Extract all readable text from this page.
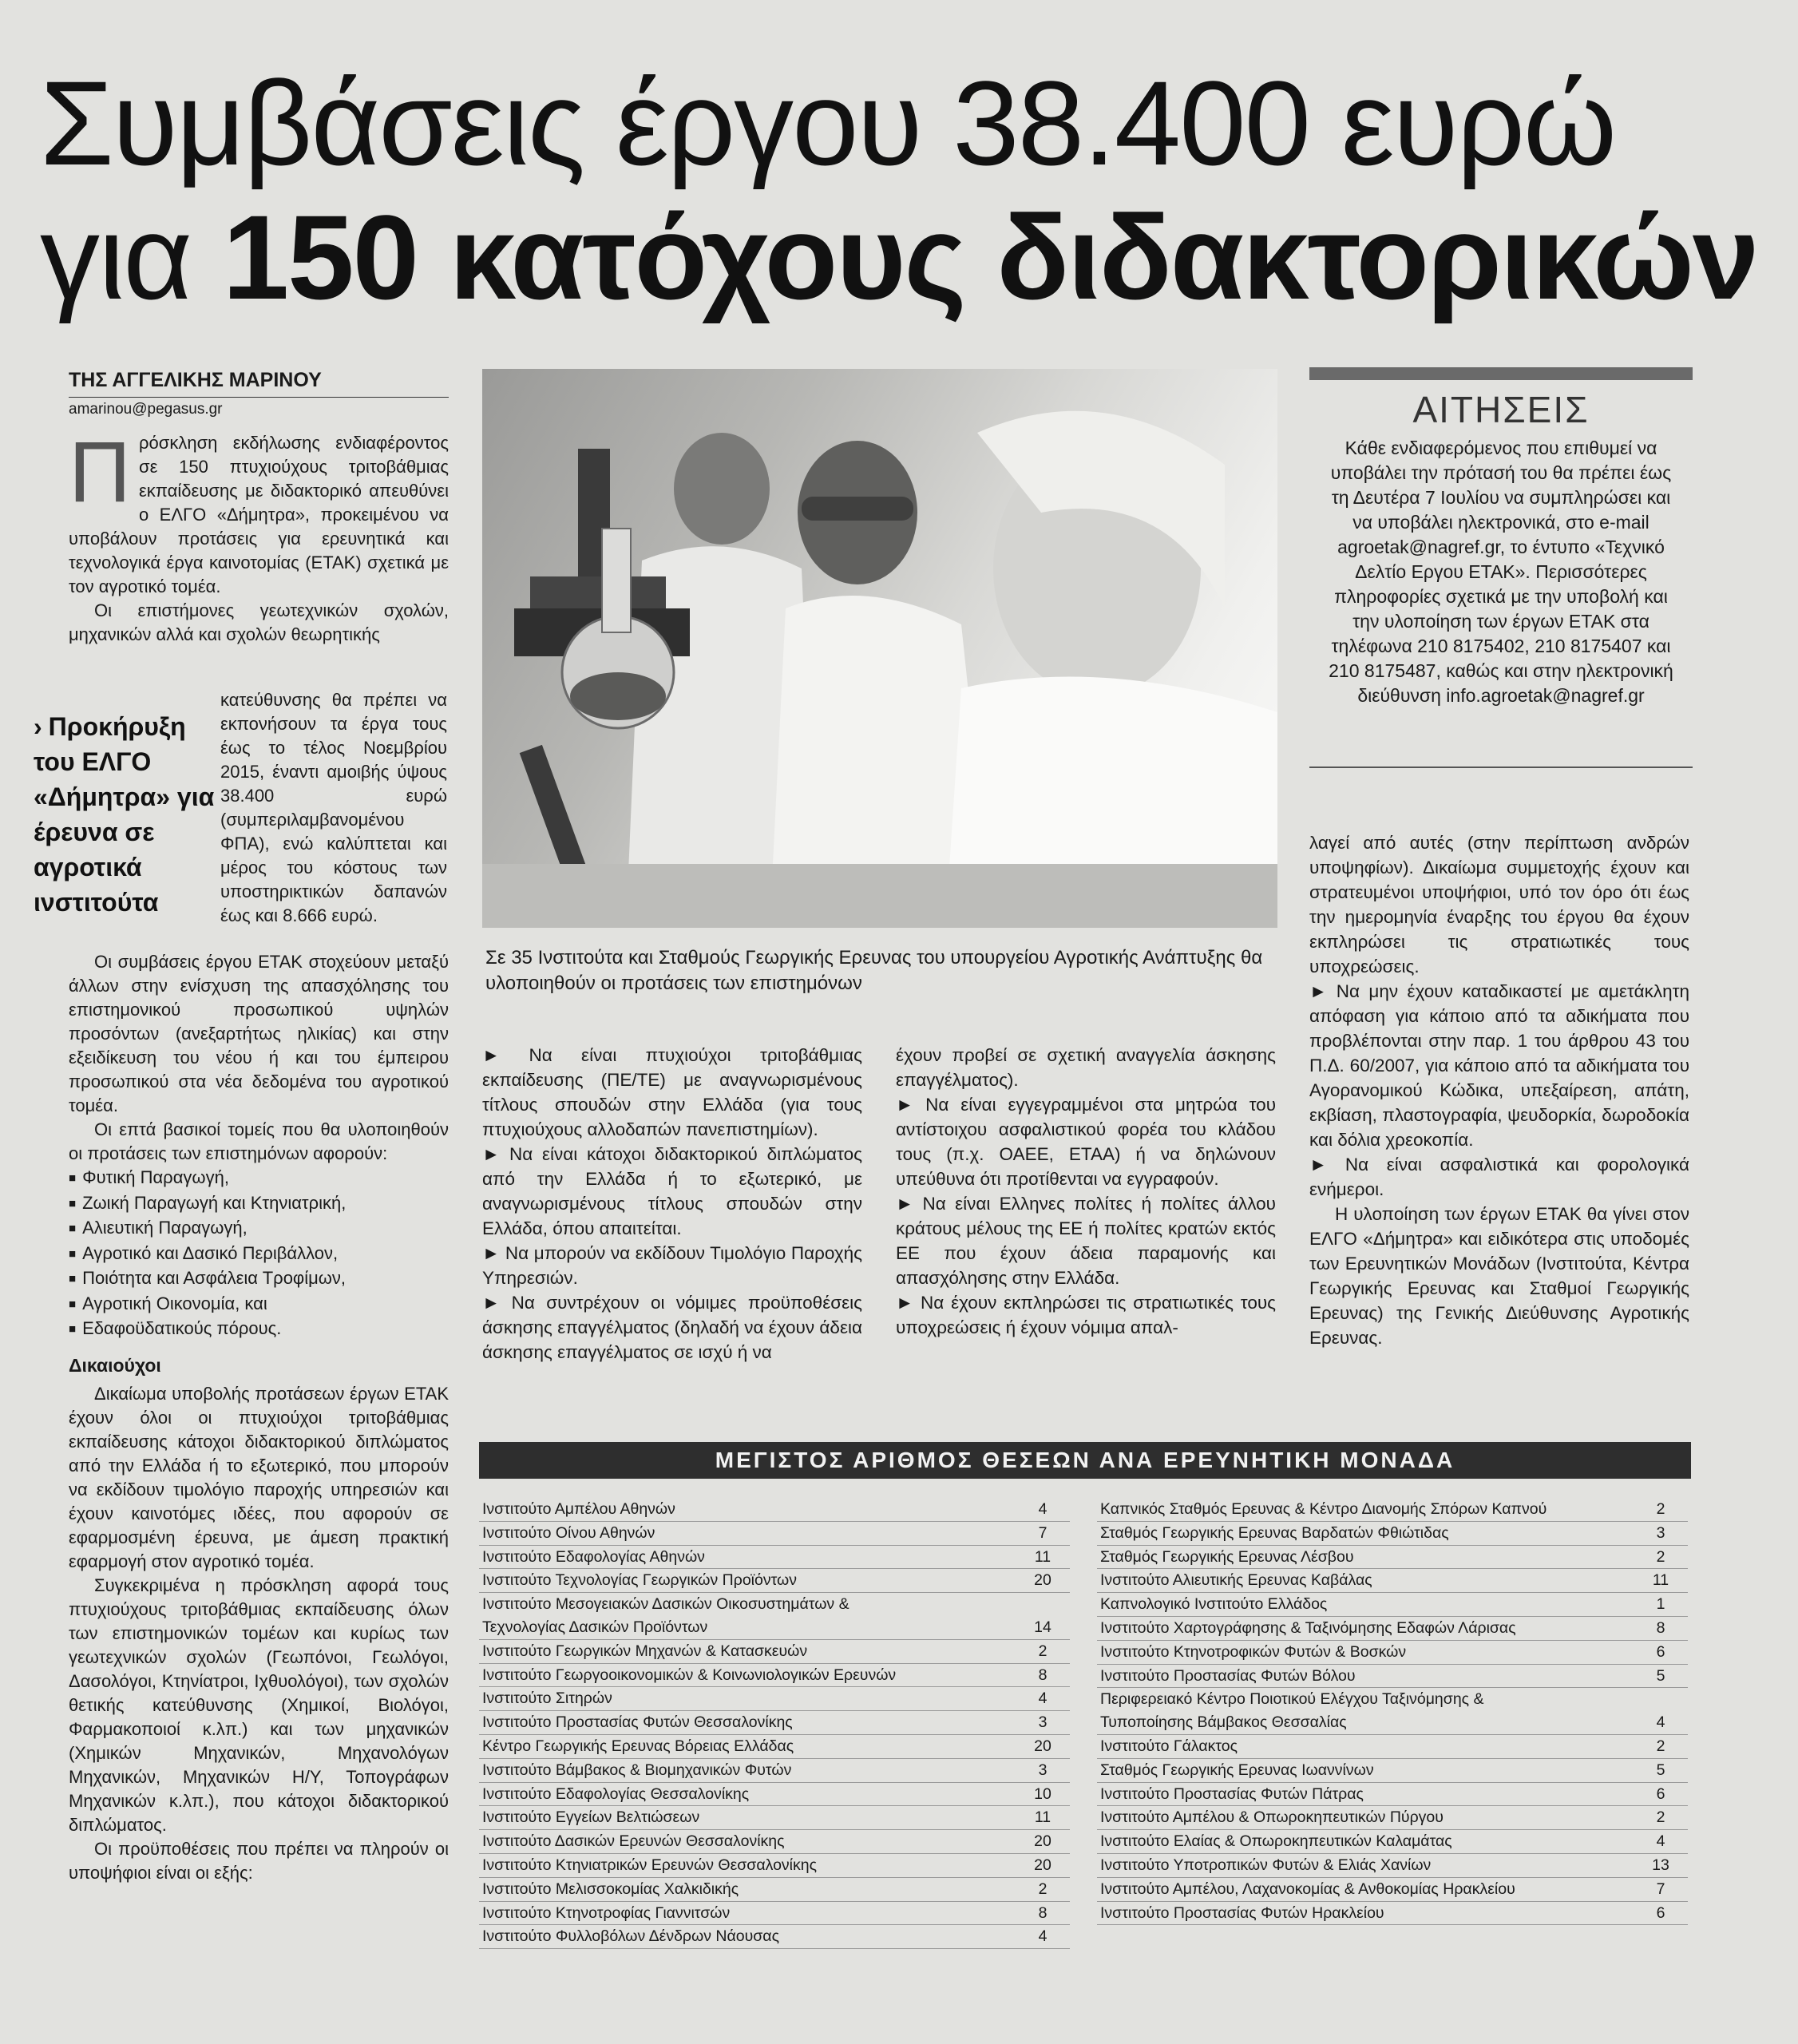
Συμβάσεις έργου 38.400 ευρώ
για 150 κατόχους διδακτορικών
ΤΗΣ ΑΓΓΕΛΙΚΗΣ ΜΑΡΙΝΟΥ
amarinou@pegasus.gr

Πρόσκληση εκδήλωσης ενδιαφέροντος σε 150 πτυχιούχους τριτοβάθμιας εκπαίδευσης με διδακτορικό απευθύνει ο ΕΛΓΟ «Δήμητρα», προκειμένου να υποβάλουν προτάσεις για ερευνητικά και τεχνολογικά έργα καινοτομίας (ΕΤΑΚ) σχετικά με τον αγροτικό τομέα.

Οι επιστήμονες γεωτεχνικών σχολών, μηχανικών αλλά και σχολών θεωρητικής

› Προκήρυξη του ΕΛΓΟ «Δήμητρα» για έρευνα σε αγροτικά ινστιτούτα
κατεύθυνσης θα πρέπει να εκπονήσουν τα έργα τους έως το τέλος Νοεμβρίου 2015, έναντι αμοιβής ύψους 38.400 ευρώ (συμπεριλαμβανομένου ΦΠΑ), ενώ καλύπτεται και μέρος του κόστους των υποστηρικτικών δαπανών έως και 8.666 ευρώ.

Οι συμβάσεις έργου ΕΤΑΚ στοχεύουν μεταξύ άλλων στην ενίσχυση της απασχόλησης του επιστημονικού προσωπικού υψηλών προσόντων (ανεξαρτήτως ηλικίας) και στην εξειδίκευση του νέου ή και του έμπειρου προσωπικού στα νέα δεδομένα του αγροτικού τομέα.

Οι επτά βασικοί τομείς που θα υλοποιηθούν οι προτάσεις των επιστημόνων αφορούν:

■ Φυτική Παραγωγή,
■ Ζωική Παραγωγή και Κτηνιατρική,
■ Αλιευτική Παραγωγή,
■ Αγροτικό και Δασικό Περιβάλλον,
■ Ποιότητα και Ασφάλεια Τροφίμων,
■ Αγροτική Οικονομία, και
■ Εδαφοϋδατικούς πόρους.
Δικαιούχοι

Δικαίωμα υποβολής προτάσεων έργων ΕΤΑΚ έχουν όλοι οι πτυχιούχοι τριτοβάθμιας εκπαίδευσης κάτοχοι διδακτορικού διπλώματος από την Ελλάδα ή το εξωτερικό, που μπορούν να εκδίδουν τιμολόγιο παροχής υπηρεσιών και έχουν καινοτόμες ιδέες, που αφορούν σε εφαρμοσμένη έρευνα, με άμεση πρακτική εφαρμογή στον αγροτικό τομέα.

Συγκεκριμένα η πρόσκληση αφορά τους πτυχιούχους τριτοβάθμιας εκπαίδευσης όλων των επιστημονικών τομέων και κυρίως των γεωτεχνικών σχολών (Γεωπόνοι, Γεωλόγοι, Δασολόγοι, Κτηνίατροι, Ιχθυολόγοι), των σχολών θετικής κατεύθυνσης (Χημικοί, Βιολόγοι, Φαρμακοποιοί κ.λπ.) και των μηχανικών (Χημικών Μηχανικών, Μηχανολόγων Μηχανικών, Μηχανικών Η/Υ, Τοπογράφων Μηχανικών κ.λπ.), που κάτοχοι διδακτορικού διπλώματος.

Οι προϋποθέσεις που πρέπει να πληρούν οι υποψήφιοι είναι οι εξής:

Σε 35 Ινστιτούτα και Σταθμούς Γεωργικής Ερευνας του υπουργείου Αγροτικής Ανάπτυξης θα υλοποιηθούν οι προτάσεις των επιστημόνων
ΑΙΤΗΣΕΙΣ
Κάθε ενδιαφερόμενος που επιθυμεί να υποβάλει την πρότασή του θα πρέπει έως τη Δευτέρα 7 Ιουλίου να συμπληρώσει και να υποβάλει ηλεκτρονικά, στο e-mail agroetak@nagref.gr, το έντυπο «Τεχνικό Δελτίο Εργου ΕΤΑΚ». Περισσότερες πληροφορίες σχετικά με την υποβολή και την υλοποίηση των έργων ΕΤΑΚ στα τηλέφωνα 210 8175402, 210 8175407 και 210 8175487, καθώς και στην ηλεκτρονική διεύθυνση info.agroetak@nagref.gr

► Να είναι πτυχιούχοι τριτοβάθμιας εκπαίδευσης (ΠΕ/ΤΕ) με αναγνωρισμένους τίτλους σπουδών στην Ελλάδα (για τους πτυχιούχους αλλοδαπών πανεπιστημίων).

► Να είναι κάτοχοι διδακτορικού διπλώματος από την Ελλάδα ή το εξωτερικό, με αναγνωρισμένους τίτλους σπουδών στην Ελλάδα, όπου απαιτείται.

► Να μπορούν να εκδίδουν Τιμολόγιο Παροχής Υπηρεσιών.

► Να συντρέχουν οι νόμιμες προϋποθέσεις άσκησης επαγγέλματος (δηλαδή να έχουν άδεια άσκησης επαγγέλματος σε ισχύ ή να

έχουν προβεί σε σχετική αναγγελία άσκησης επαγγέλματος).

► Να είναι εγγεγραμμένοι στα μητρώα του αντίστοιχου ασφαλιστικού φορέα του κλάδου τους (π.χ. ΟΑΕΕ, ΕΤΑΑ) ή να δηλώνουν υπεύθυνα ότι προτίθενται να εγγραφούν.

► Να είναι Ελληνες πολίτες ή πολίτες άλλου κράτους μέλους της ΕΕ ή πολίτες κρατών εκτός ΕΕ που έχουν άδεια παραμονής και απασχόλησης στην Ελλάδα.

► Να έχουν εκπληρώσει τις στρατιωτικές τους υποχρεώσεις ή έχουν νόμιμα απαλ-

λαγεί από αυτές (στην περίπτωση ανδρών υποψηφίων). Δικαίωμα συμμετοχής έχουν και στρατευμένοι υποψήφιοι, υπό τον όρο ότι έως την ημερομηνία έναρξης του έργου θα έχουν εκπληρώσει τις στρατιωτικές τους υποχρεώσεις.

► Να μην έχουν καταδικαστεί με αμετάκλητη απόφαση για κάποιο από τα αδικήματα που προβλέπονται στην παρ. 1 του άρθρου 43 του Π.Δ. 60/2007, για κάποιο από τα αδικήματα του Αγορανομικού Κώδικα, υπεξαίρεση, απάτη, εκβίαση, πλαστογραφία, ψευδορκία, δωροδοκία και δόλια χρεοκοπία.

► Να είναι ασφαλιστικά και φορολογικά ενήμεροι.

Η υλοποίηση των έργων ΕΤΑΚ θα γίνει στον ΕΛΓΟ «Δήμητρα» και ειδικότερα στις υποδομές των Ερευνητικών Μονάδων (Ινστιτούτα, Κέντρα Γεωργικής Ερευνας και Σταθμοί Γεωργικής Ερευνας) της Γενικής Διεύθυνσης Αγροτικής Ερευνας.

ΜΕΓΙΣΤΟΣ ΑΡΙΘΜΟΣ ΘΕΣΕΩΝ ΑΝΑ ΕΡΕΥΝΗΤΙΚΗ ΜΟΝΑΔΑ
Ινστιτούτο Αμπέλου Αθηνών	4
Ινστιτούτο Οίνου Αθηνών	7
Ινστιτούτο Εδαφολογίας Αθηνών	11
Ινστιτούτο Τεχνολογίας Γεωργικών Προϊόντων	20
Ινστιτούτο Μεσογειακών Δασικών Οικοσυστημάτων & Τεχνολογίας Δασικών Προϊόντων	14
Ινστιτούτο Γεωργικών Μηχανών & Κατασκευών	2
Ινστιτούτο Γεωργοοικονομικών & Κοινωνιολογικών Ερευνών	8
Ινστιτούτο Σιτηρών	4
Ινστιτούτο Προστασίας Φυτών Θεσσαλονίκης	3
Κέντρο Γεωργικής Ερευνας Βόρειας Ελλάδας	20
Ινστιτούτο Βάμβακος & Βιομηχανικών Φυτών	3
Ινστιτούτο Εδαφολογίας Θεσσαλονίκης	10
Ινστιτούτο Εγγείων Βελτιώσεων	11
Ινστιτούτο Δασικών Ερευνών Θεσσαλονίκης	20
Ινστιτούτο Κτηνιατρικών Ερευνών Θεσσαλονίκης	20
Ινστιτούτο Μελισσοκομίας Χαλκιδικής	2
Ινστιτούτο Κτηνοτροφίας Γιαννιτσών	8
Ινστιτούτο Φυλλοβόλων Δένδρων Νάουσας	4
Καπνικός Σταθμός Ερευνας & Κέντρο Διανομής Σπόρων Καπνού	2
Σταθμός Γεωργικής Ερευνας Βαρδατών Φθιώτιδας	3
Σταθμός Γεωργικής Ερευνας Λέσβου	2
Ινστιτούτο Αλιευτικής Ερευνας Καβάλας	11
Καπνολογικό Ινστιτούτο Ελλάδος	1
Ινστιτούτο Χαρτογράφησης & Ταξινόμησης Εδαφών Λάρισας	8
Ινστιτούτο Κτηνοτροφικών Φυτών & Βοσκών	6
Ινστιτούτο Προστασίας Φυτών Βόλου	5
Περιφερειακό Κέντρο Ποιοτικού Ελέγχου Ταξινόμησης & Τυποποίησης Βάμβακος Θεσσαλίας	4
Ινστιτούτο Γάλακτος	2
Σταθμός Γεωργικής Ερευνας Ιωαννίνων	5
Ινστιτούτο Προστασίας Φυτών Πάτρας	6
Ινστιτούτο Αμπέλου & Οπωροκηπευτικών Πύργου	2
Ινστιτούτο Ελαίας & Οπωροκηπευτικών Καλαμάτας	4
Ινστιτούτο Υποτροπικών Φυτών & Ελιάς Χανίων	13
Ινστιτούτο Αμπέλου, Λαχανοκομίας & Ανθοκομίας Ηρακλείου	7
Ινστιτούτο Προστασίας Φυτών Ηρακλείου	6
